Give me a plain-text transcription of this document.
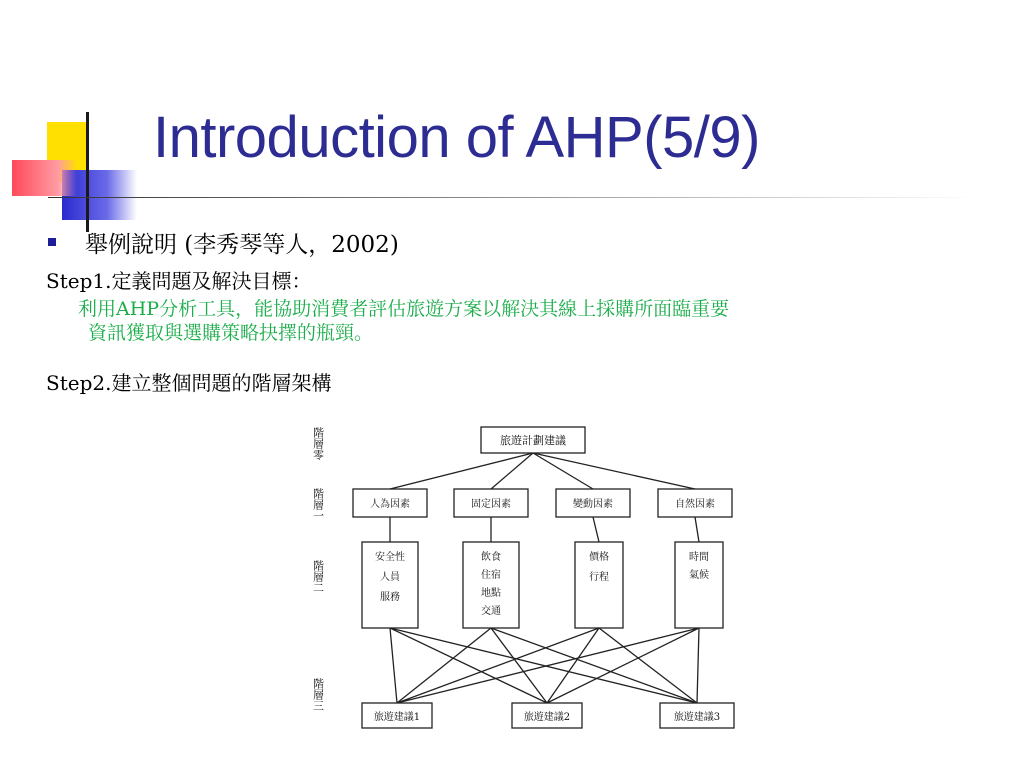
Introduction of AHP(5/9)
舉例說明 (李秀琴等人，2002)
Step1.定義問題及解決目標：
利用AHP分析工具，能協助消費者評估旅遊方案以解決其線上採購所面臨重要
資訊獲取與選購策略抉擇的瓶頸。
Step2.建立整個問題的階層架構
階層零
階層一
階層二
階層三
旅遊計劃建議
人為因素	固定因素	變動因素	自然因素
安全性
人員
服務
飲食
住宿
地點
交通
價格
行程
時間
氣候
旅遊建議1	旅遊建議2	旅遊建議3
